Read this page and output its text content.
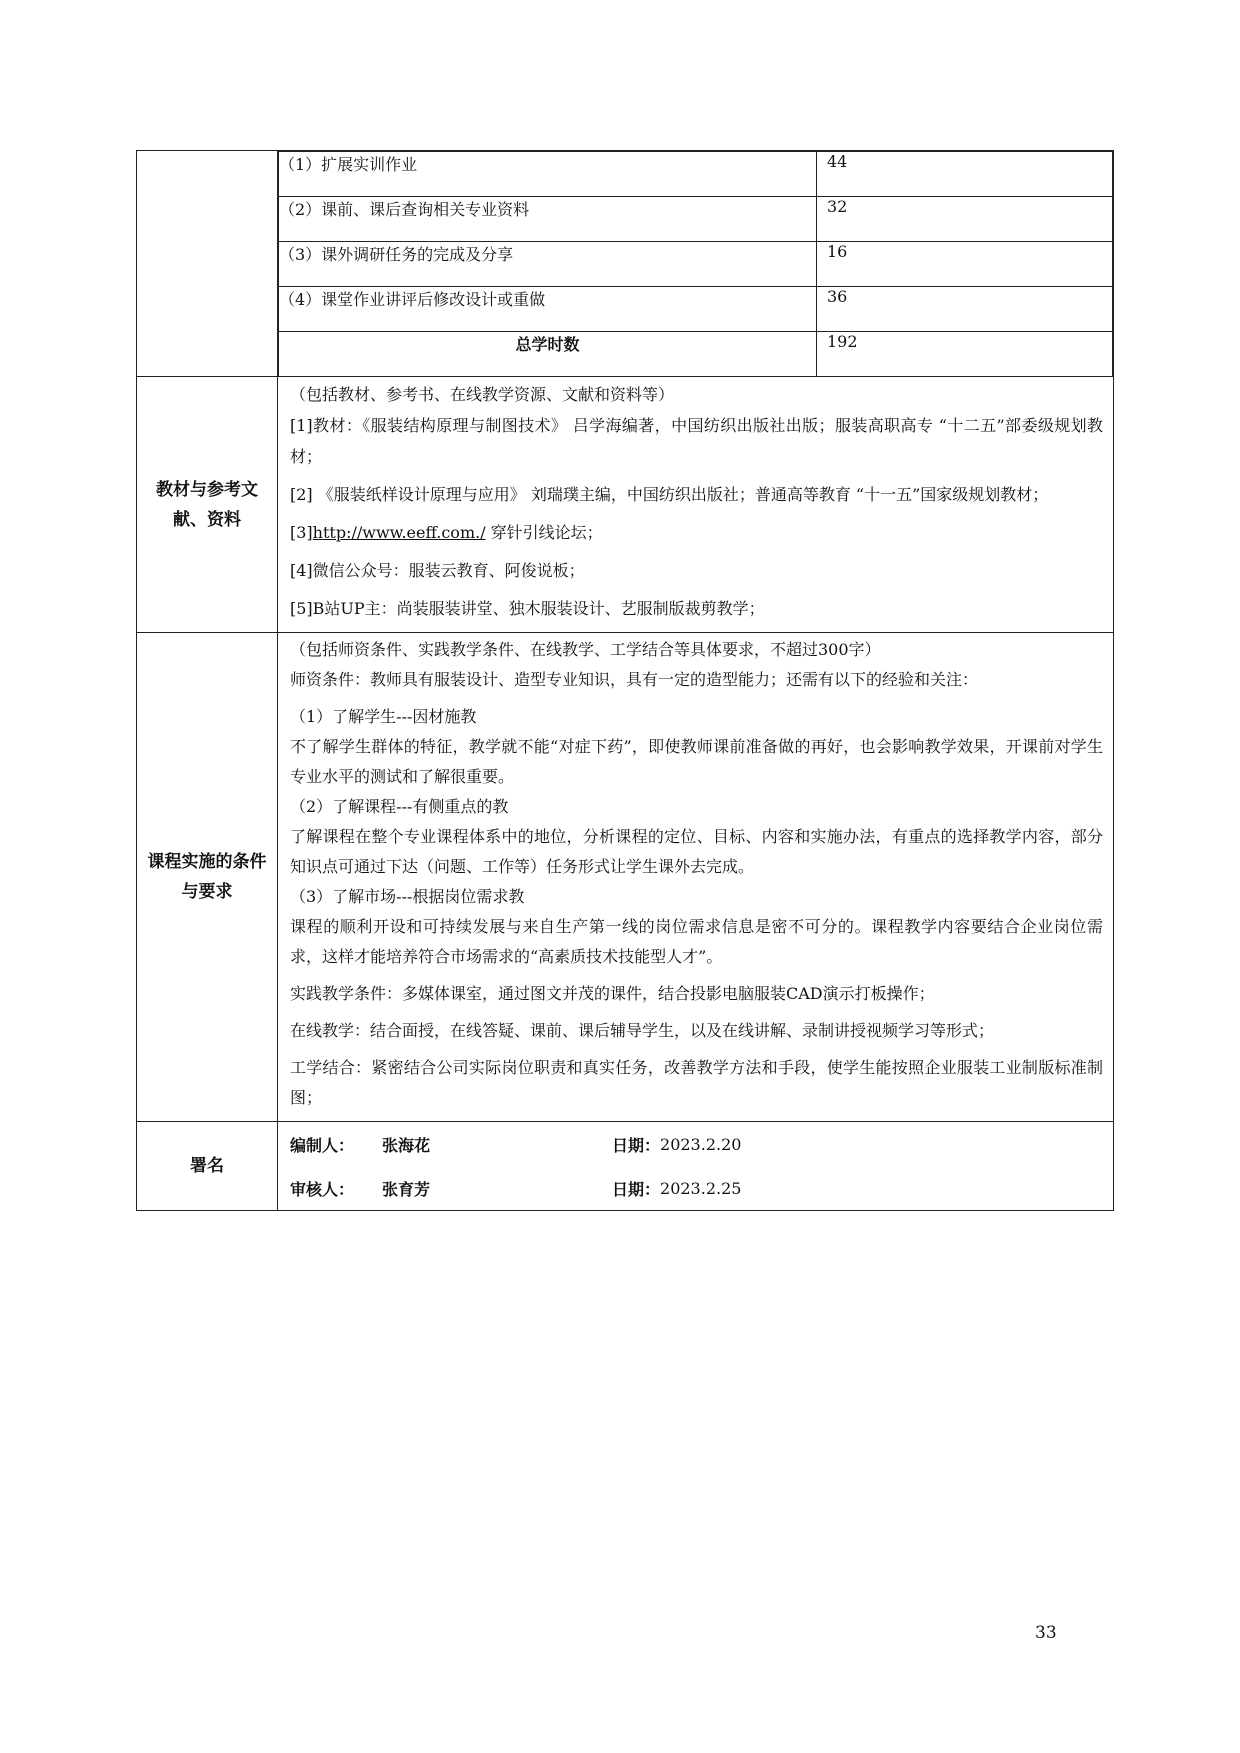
（1）扩展实训作业	44
（2）课前、课后查询相关专业资料	32
（3）课外调研任务的完成及分享	16
（4）课堂作业讲评后修改设计或重做	36
总学时数	192

教材与参考文献、资料

（包括教材、参考书、在线教学资源、文献和资料等）

[1]教材：《服装结构原理与制图技术》 吕学海编著，中国纺织出版社出版；服装高职高专 “十二五”部委级规划教材；

[2] 《服装纸样设计原理与应用》 刘瑞璞主编，中国纺织出版社；普通高等教育 “十一五”国家级规划教材；

[3]http://www.eeff.com./ 穿针引线论坛；

[4]微信公众号：服装云教育、阿俊说板；

[5]B站UP主：尚装服装讲堂、独木服装设计、艺服制版裁剪教学；

课程实施的条件与要求

（包括师资条件、实践教学条件、在线教学、工学结合等具体要求，不超过300字）

师资条件：教师具有服装设计、造型专业知识，具有一定的造型能力；还需有以下的经验和关注：

（1）了解学生---因材施教

不了解学生群体的特征，教学就不能“对症下药”，即使教师课前准备做的再好，也会影响教学效果，开课前对学生专业水平的测试和了解很重要。

（2）了解课程---有侧重点的教

了解课程在整个专业课程体系中的地位，分析课程的定位、目标、内容和实施办法，有重点的选择教学内容，部分知识点可通过下达（问题、工作等）任务形式让学生课外去完成。

（3）了解市场---根据岗位需求教

课程的顺利开设和可持续发展与来自生产第一线的岗位需求信息是密不可分的。课程教学内容要结合企业岗位需求，这样才能培养符合市场需求的“高素质技术技能型人才”。

实践教学条件：多媒体课室，通过图文并茂的课件，结合投影电脑服装CAD演示打板操作；

在线教学：结合面授，在线答疑、课前、课后辅导学生，以及在线讲解、录制讲授视频学习等形式；

工学结合：紧密结合公司实际岗位职责和真实任务，改善教学方法和手段，使学生能按照企业服装工业制版标准制图；

署名	
编制人：	张海花	日期： 2023.2.20
审核人：	张育芳	日期： 2023.2.25
33
